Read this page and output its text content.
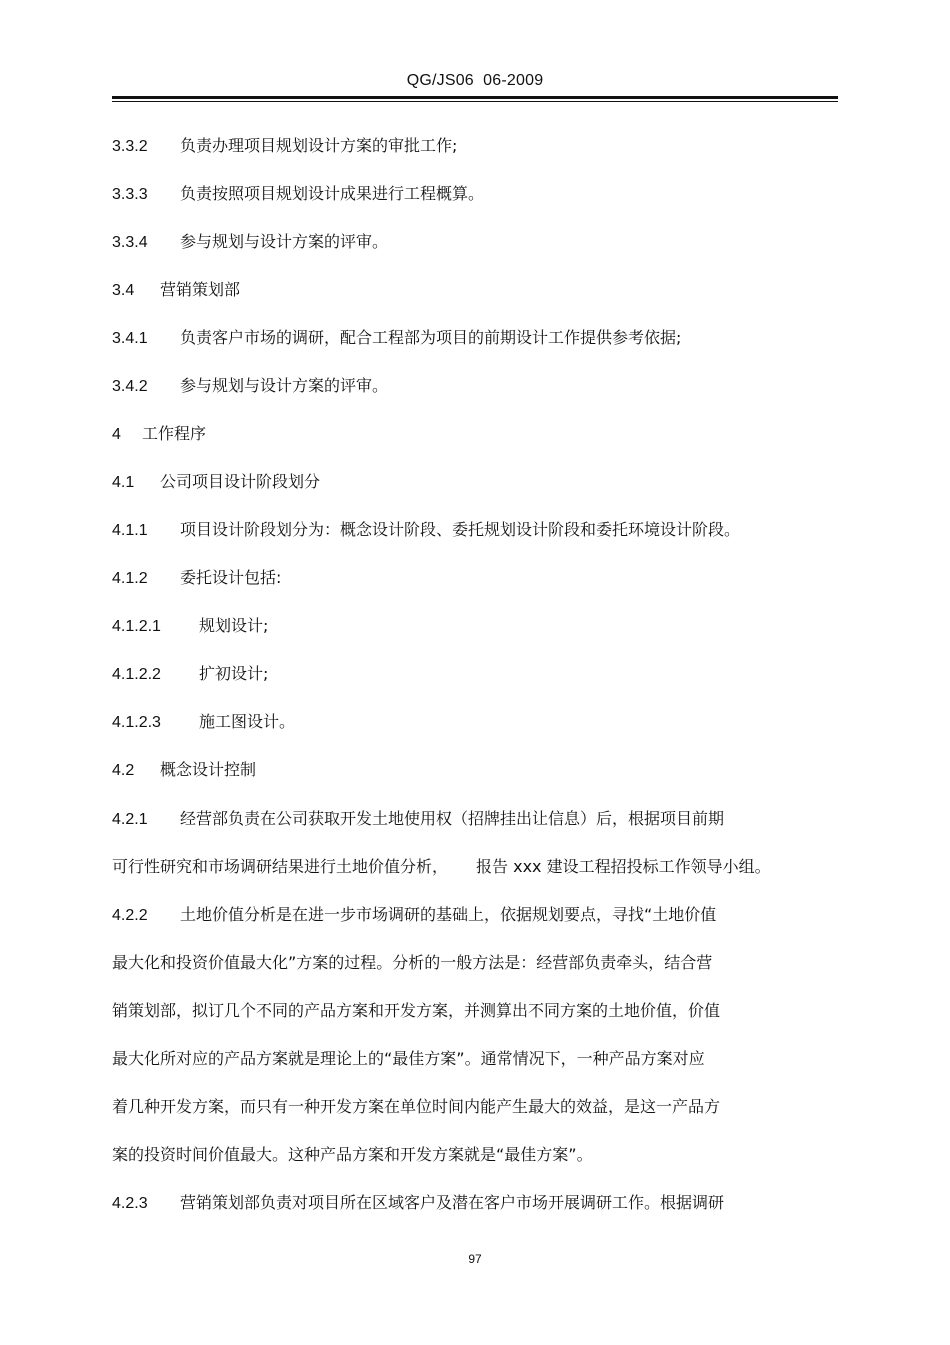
QG/JS06  06-2009
3.3.2 负责办理项目规划设计方案的审批工作;
3.3.3 负责按照项目规划设计成果进行工程概算。
3.3.4 参与规划与设计方案的评审。
3.4 营销策划部
3.4.1 负责客户市场的调研，配合工程部为项目的前期设计工作提供参考依据;
3.4.2 参与规划与设计方案的评审。
4 工作程序
4.1 公司项目设计阶段划分
4.1.1 项目设计阶段划分为：概念设计阶段、委托规划设计阶段和委托环境设计阶段。
4.1.2 委托设计包括:
4.1.2.1 规划设计;
4.1.2.2 扩初设计;
4.1.2.3 施工图设计。
4.2 概念设计控制
4.2.1 经营部负责在公司获取开发土地使用权（招牌挂出让信息）后，根据项目前期
可行性研究和市场调研结果进行土地价值分析， 报告 xxx 建设工程招投标工作领导小组。
4.2.2 土地价值分析是在进一步市场调研的基础上，依据规划要点，寻找“土地价值
最大化和投资价值最大化”方案的过程。分析的一般方法是：经营部负责牵头，结合营
销策划部，拟订几个不同的产品方案和开发方案，并测算出不同方案的土地价值，价值
最大化所对应的产品方案就是理论上的“最佳方案”。通常情况下，一种产品方案对应
着几种开发方案，而只有一种开发方案在单位时间内能产生最大的效益，是这一产品方
案的投资时间价值最大。这种产品方案和开发方案就是“最佳方案”。
4.2.3 营销策划部负责对项目所在区域客户及潜在客户市场开展调研工作。根据调研
97
